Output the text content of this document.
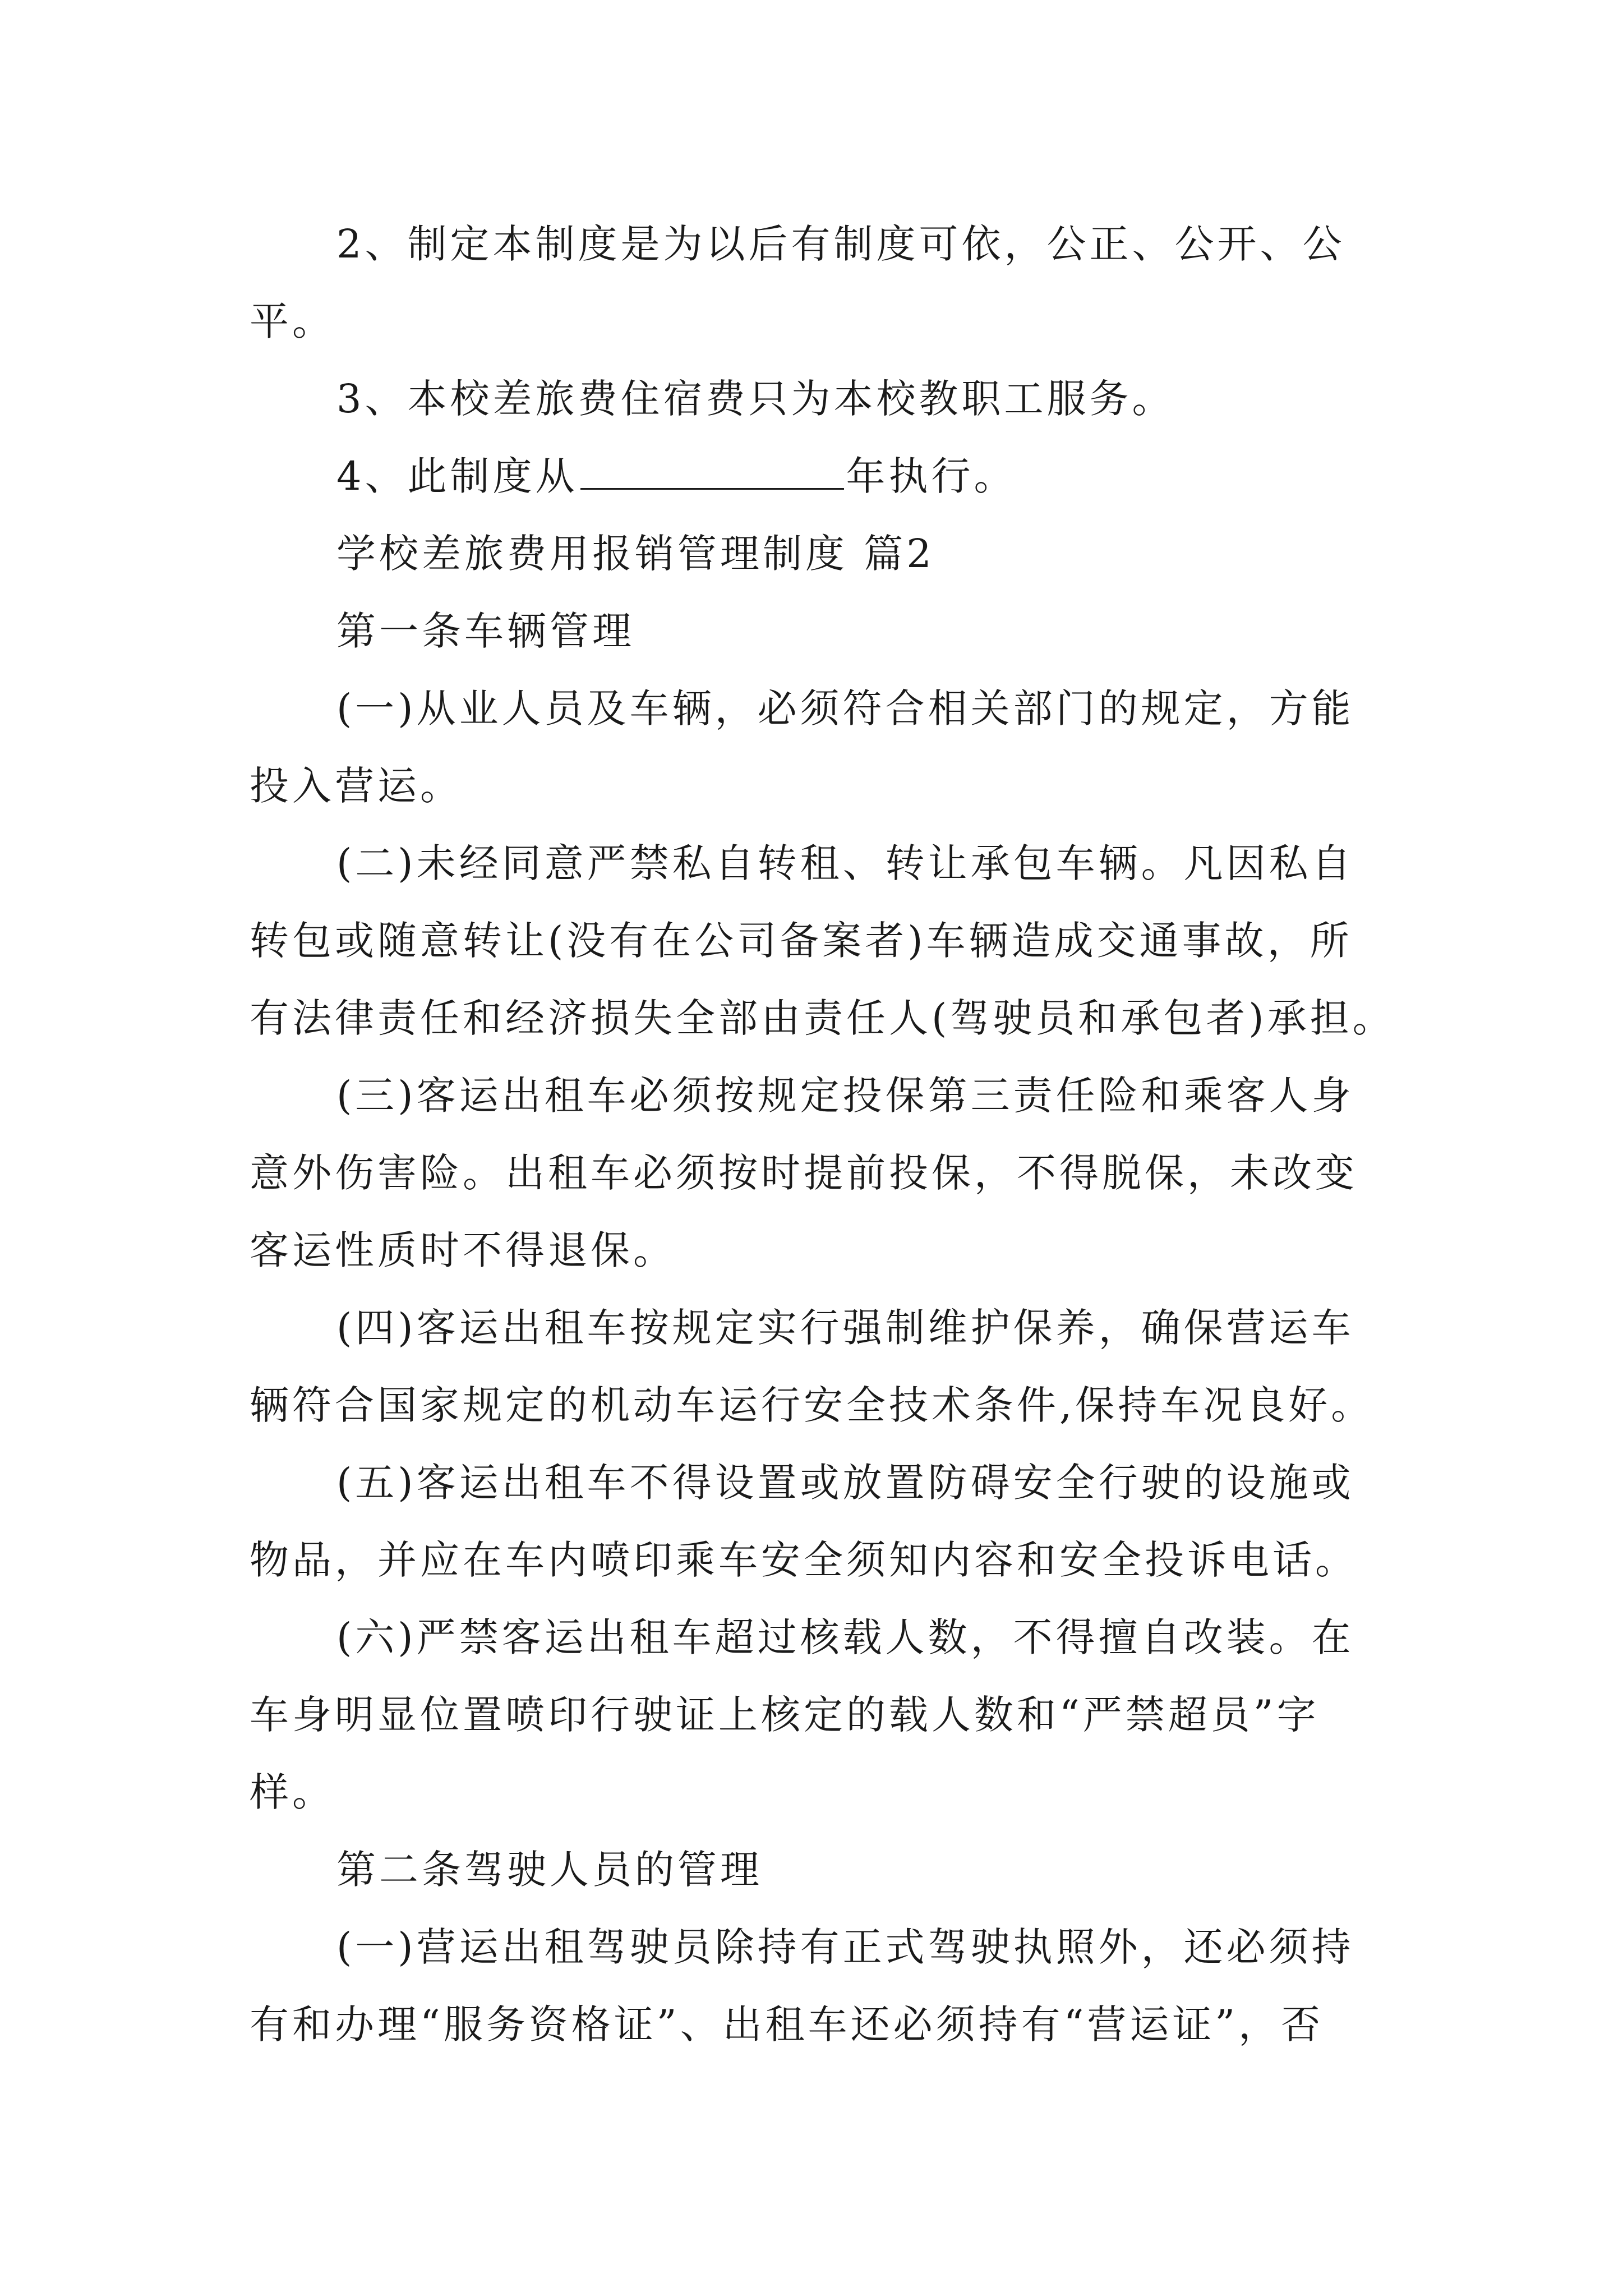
2、制定本制度是为以后有制度可依，公正、公开、公
平。
3、本校差旅费住宿费只为本校教职工服务。
4、此制度从	年执行。
学校差旅费用报销管理制度 篇2
第一条车辆管理
(一)从业人员及车辆，必须符合相关部门的规定，方能
投入营运。
(二)未经同意严禁私自转租、转让承包车辆。凡因私自
转包或随意转让(没有在公司备案者)车辆造成交通事故，所
有法律责任和经济损失全部由责任人(驾驶员和承包者)承担。
(三)客运出租车必须按规定投保第三责任险和乘客人身
意外伤害险。出租车必须按时提前投保，不得脱保，未改变
客运性质时不得退保。
(四)客运出租车按规定实行强制维护保养，确保营运车
辆符合国家规定的机动车运行安全技术条件,保持车况良好。
(五)客运出租车不得设置或放置防碍安全行驶的设施或
物品，并应在车内喷印乘车安全须知内容和安全投诉电话。
(六)严禁客运出租车超过核载人数，不得擅自改装。在
车身明显位置喷印行驶证上核定的载人数和“严禁超员”字
样。
第二条驾驶人员的管理
(一)营运出租驾驶员除持有正式驾驶执照外，还必须持
有和办理“服务资格证”、出租车还必须持有“营运证”，否
